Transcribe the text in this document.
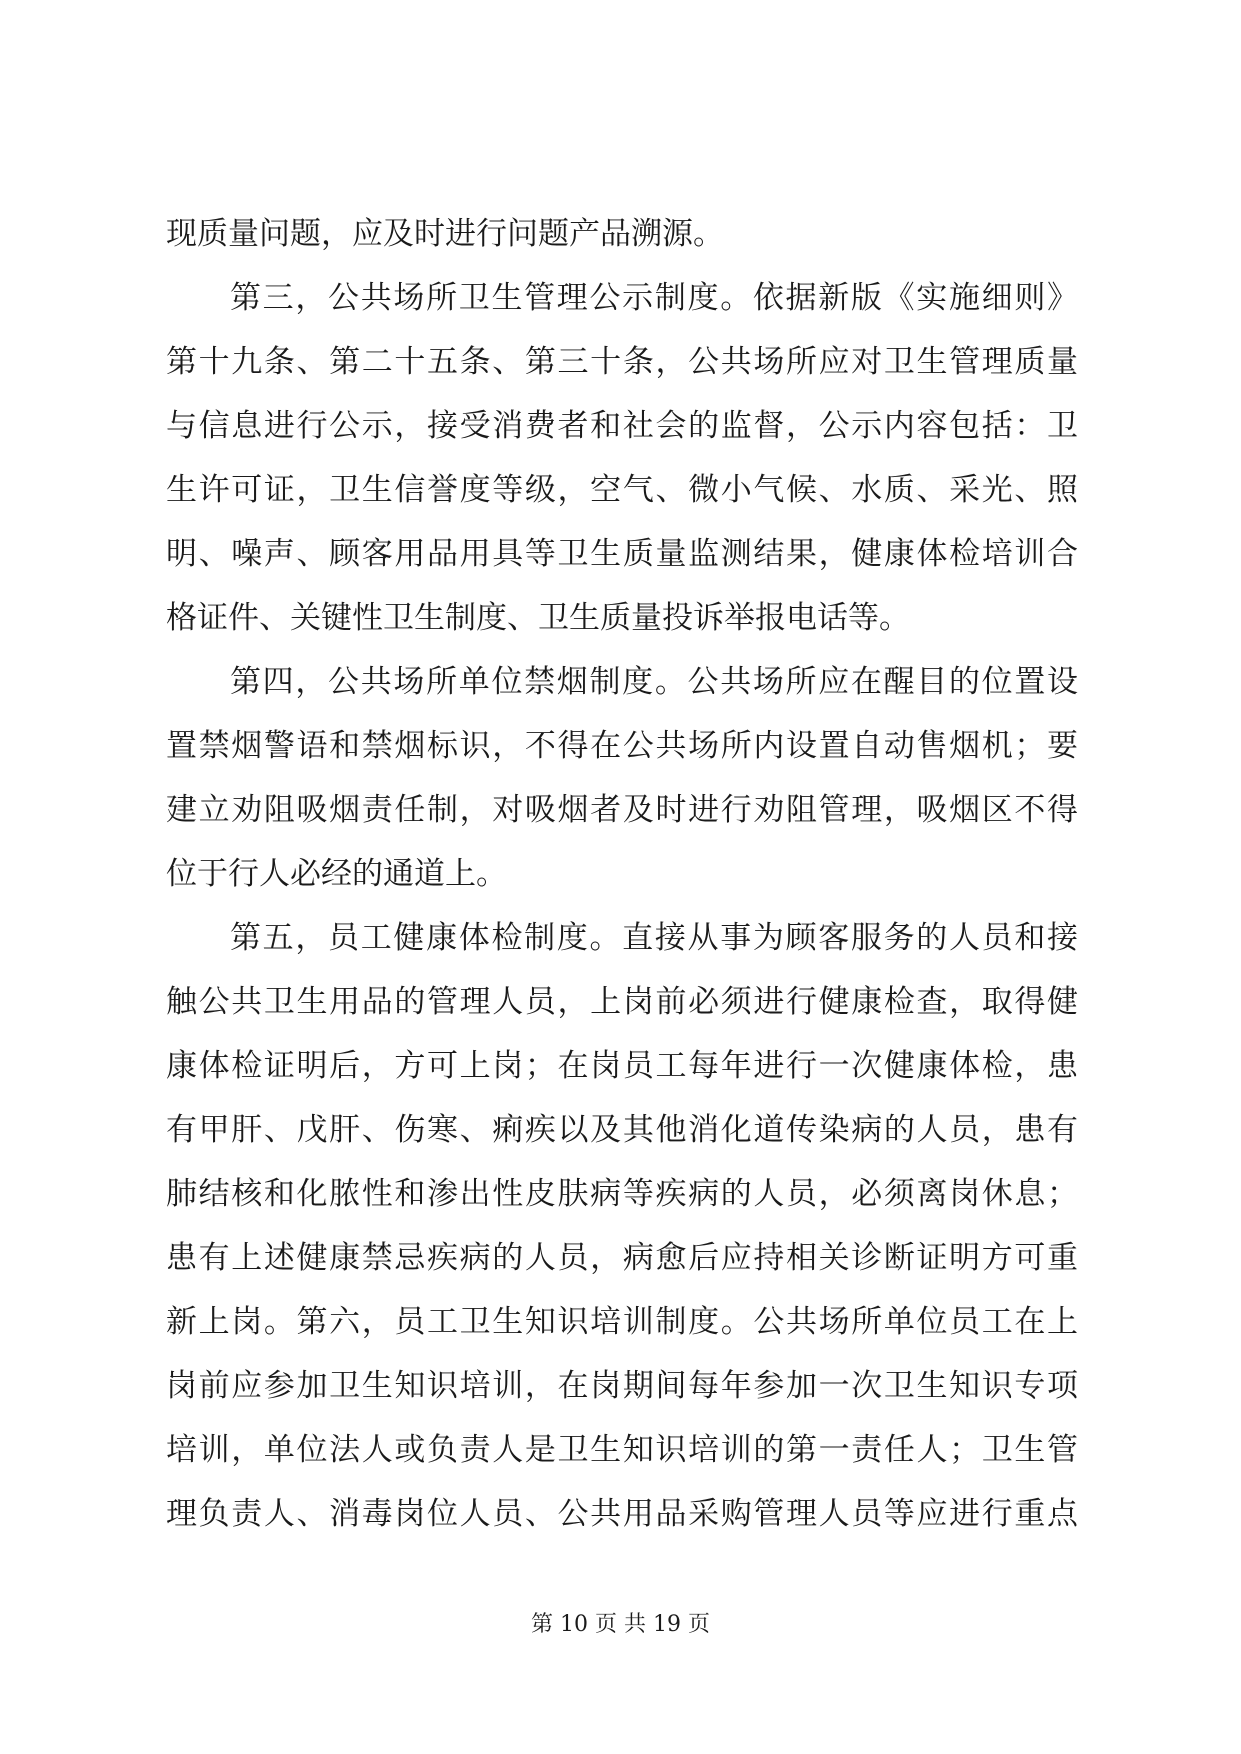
现质量问题，应及时进行问题产品溯源。
第三，公共场所卫生管理公示制度。依据新版《实施细则》
第十九条、第二十五条、第三十条，公共场所应对卫生管理质量
与信息进行公示，接受消费者和社会的监督，公示内容包括：卫
生许可证，卫生信誉度等级，空气、微小气候、水质、采光、照
明、噪声、顾客用品用具等卫生质量监测结果，健康体检培训合
格证件、关键性卫生制度、卫生质量投诉举报电话等。
第四，公共场所单位禁烟制度。公共场所应在醒目的位置设
置禁烟警语和禁烟标识，不得在公共场所内设置自动售烟机；要
建立劝阻吸烟责任制，对吸烟者及时进行劝阻管理，吸烟区不得
位于行人必经的通道上。
第五，员工健康体检制度。直接从事为顾客服务的人员和接
触公共卫生用品的管理人员，上岗前必须进行健康检查，取得健
康体检证明后，方可上岗；在岗员工每年进行一次健康体检，患
有甲肝、戊肝、伤寒、痢疾以及其他消化道传染病的人员，患有
肺结核和化脓性和渗出性皮肤病等疾病的人员，必须离岗休息；
患有上述健康禁忌疾病的人员，病愈后应持相关诊断证明方可重
新上岗。第六，员工卫生知识培训制度。公共场所单位员工在上
岗前应参加卫生知识培训，在岗期间每年参加一次卫生知识专项
培训，单位法人或负责人是卫生知识培训的第一责任人；卫生管
理负责人、消毒岗位人员、公共用品采购管理人员等应进行重点
第 10 页 共 19 页
